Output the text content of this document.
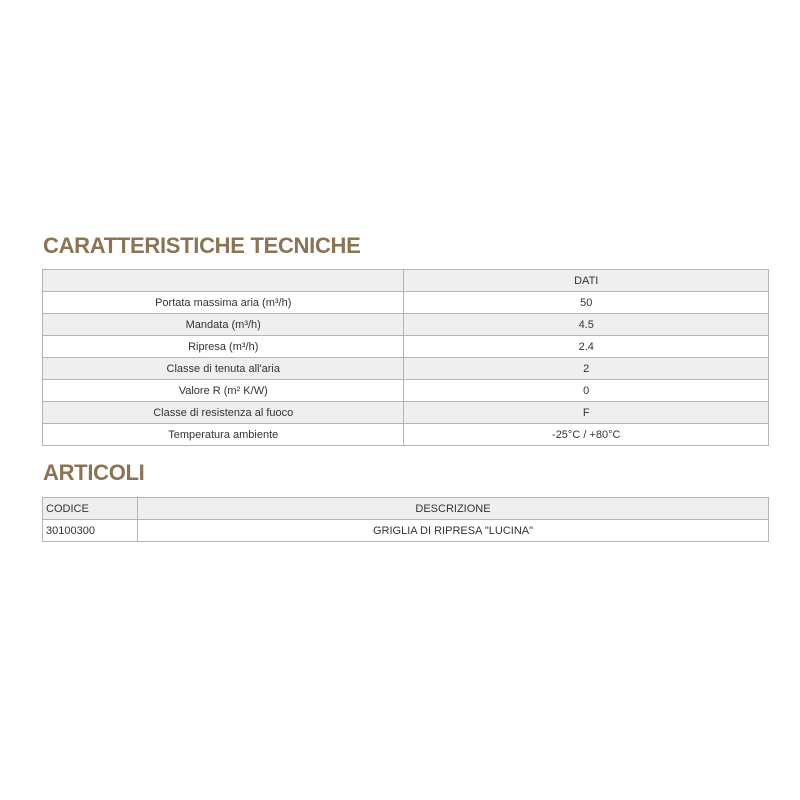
CARATTERISTICHE TECNICHE
	DATI
Portata massima aria (m³/h)	50
Mandata (m³/h)	4.5
Ripresa (m³/h)	2.4
Classe di tenuta all'aria	2
Valore R (m² K/W)	0
Classe di resistenza al fuoco	F
Temperatura ambiente	-25°C / +80°C
ARTICOLI
CODICE	DESCRIZIONE
30100300	GRIGLIA DI RIPRESA "LUCINA"
